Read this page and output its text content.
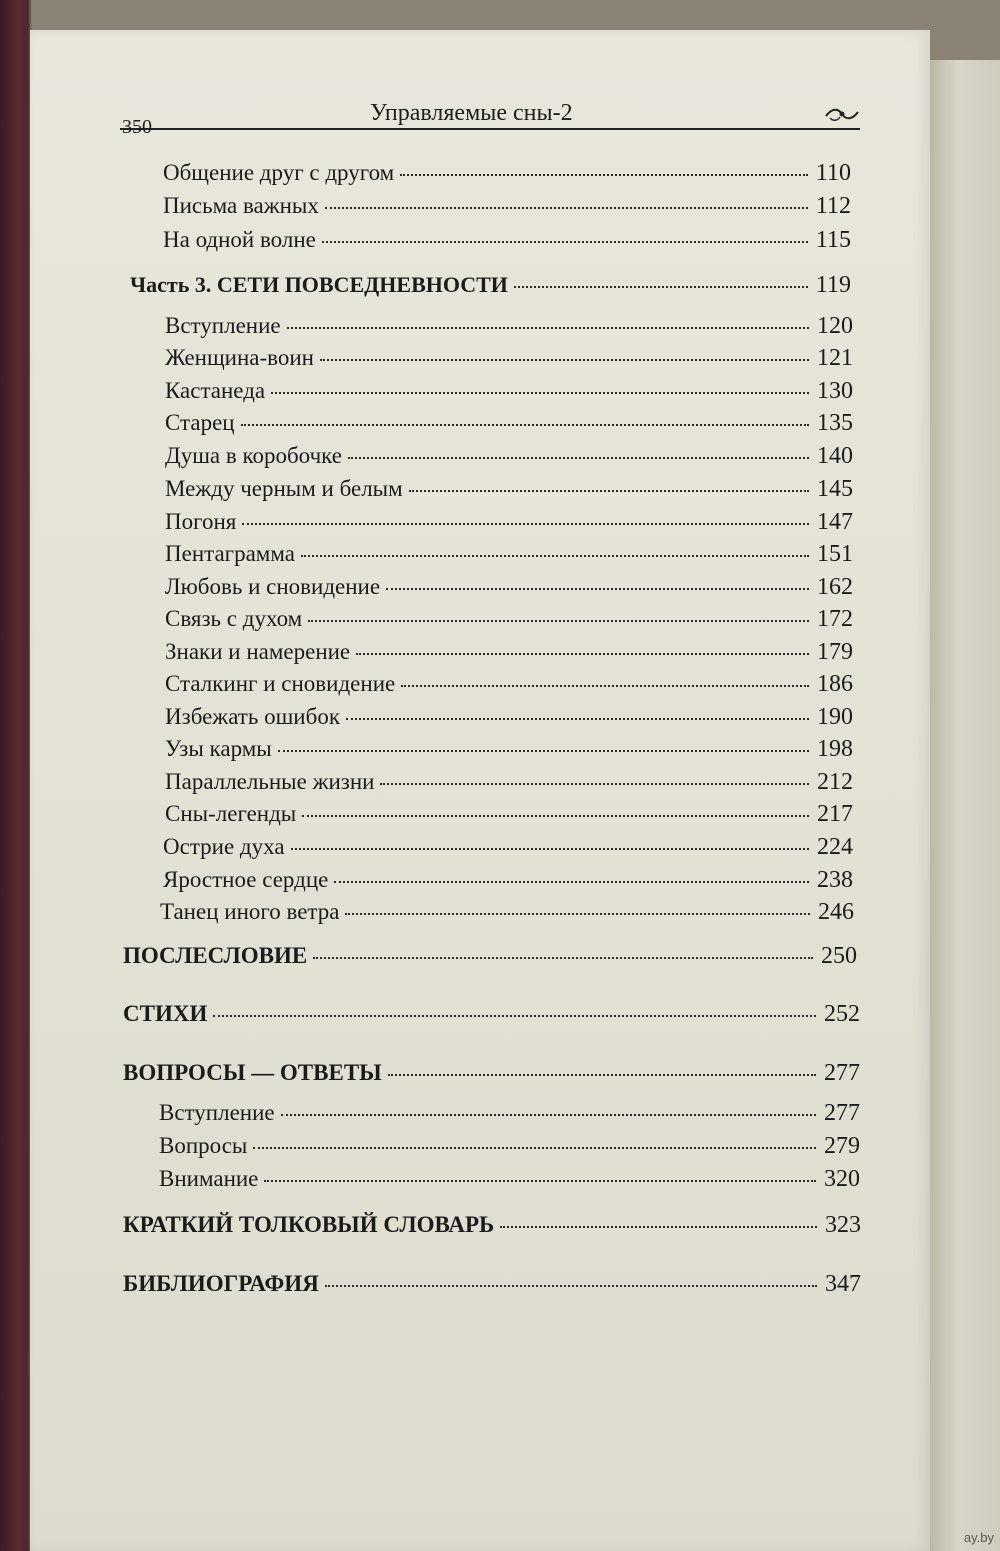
350
Управляемые сны-2
Общение друг с другом	110
Письма важных	112
На одной волне	115
Часть 3. СЕТИ ПОВСЕДНЕВНОСТИ	119
Вступление	120
Женщина-воин	121
Кастанеда	130
Старец	135
Душа в коробочке	140
Между черным и белым	145
Погоня	147
Пентаграмма	151
Любовь и сновидение	162
Связь с духом	172
Знаки и намерение	179
Сталкинг и сновидение	186
Избежать ошибок	190
Узы кармы	198
Параллельные жизни	212
Сны-легенды	217
Острие духа	224
Яростное сердце	238
Танец иного ветра	246
ПОСЛЕСЛОВИЕ	250
СТИХИ	252
ВОПРОСЫ — ОТВЕТЫ	277
Вступление	277
Вопросы	279
Внимание	320
КРАТКИЙ ТОЛКОВЫЙ СЛОВАРЬ	323
БИБЛИОГРАФИЯ	347
ay.by
